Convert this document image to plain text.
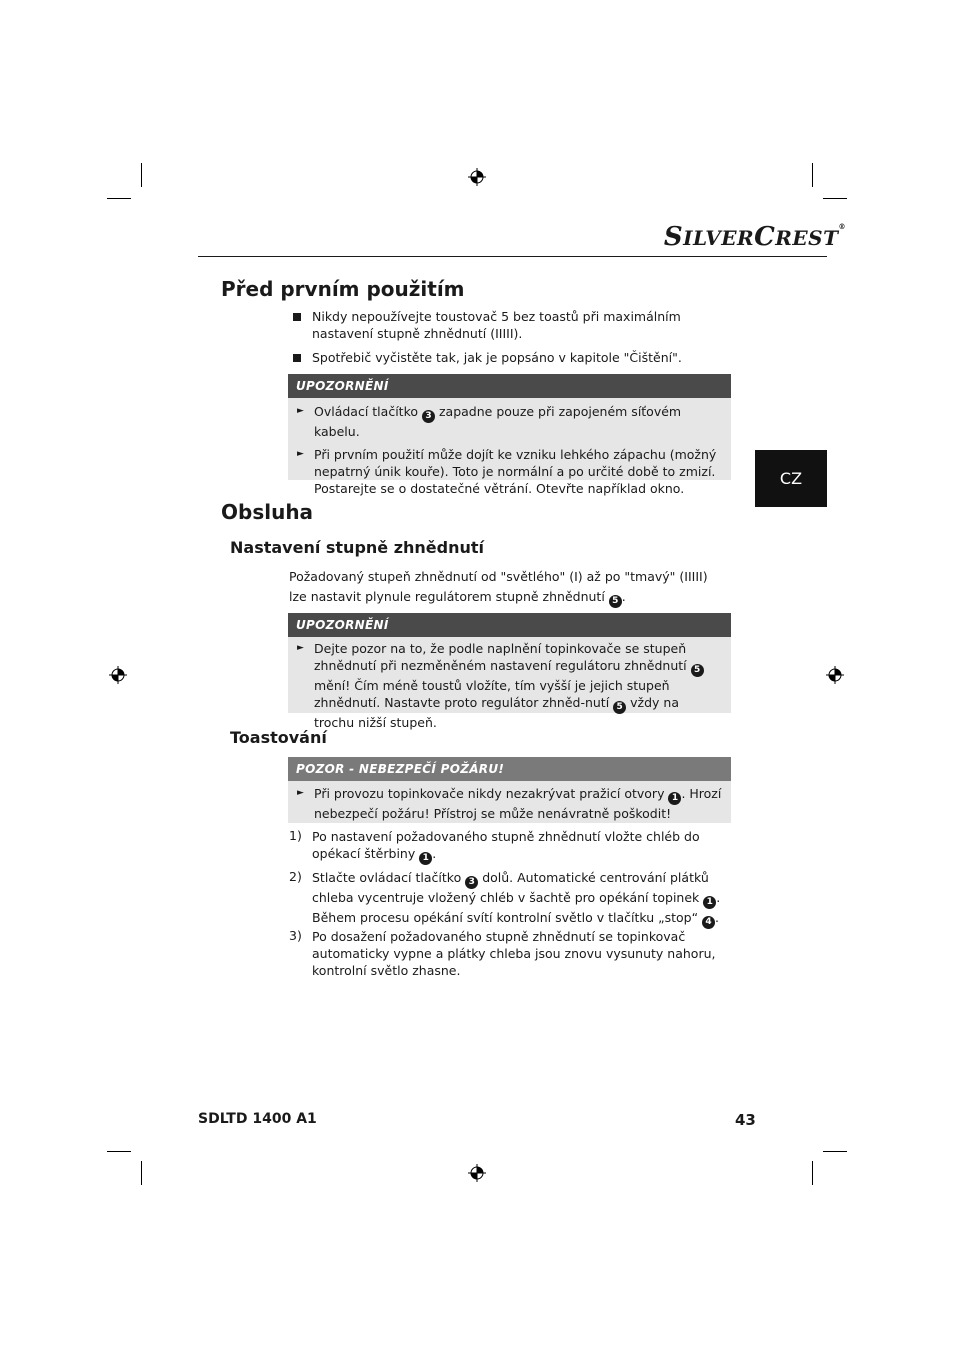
SILVERCREST®
CZ
Před prvním použitím
Nikdy nepoužívejte toustovač 5 bez toastů při maximálním nastavení stupně zhnědnutí (IIIII).
Spotřebič vyčistěte tak, jak je popsáno v kapitole "Čištění".
UPOZORNĚNÍ
► Ovládací tlačítko 3 zapadne pouze při zapojeném síťovém kabelu.
► Při prvním použití může dojít ke vzniku lehkého zápachu (možný nepatrný únik kouře). Toto je normální a po určité době to zmizí. Postarejte se o dostatečné větrání. Otevřte například okno.
Obsluha
Nastavení stupně zhnědnutí
Požadovaný stupeň zhnědnutí od "světlého" (I) až po "tmavý" (IIIII) lze nastavit plynule regulátorem stupně zhnědnutí 5 .
UPOZORNĚNÍ
► Dejte pozor na to, že podle naplnění topinkovače se stupeň zhnědnutí při nezměněném nastavení regulátoru zhnědnutí 5 mění! Čím méně toustů vložíte, tím vyšší je jejich stupeň zhnědnutí. Nastavte proto regulátor zhněd-nutí 5 vždy na trochu nižší stupeň.
Toastování
POZOR - NEBEZPEČÍ POŽÁRU!
► Při provozu topinkovače nikdy nezakrývat pražicí otvory 1 . Hrozí nebezpečí požáru! Přístroj se může nenávratně poškodit!
1) Po nastavení požadovaného stupně zhnědnutí vložte chléb do opékací štěrbiny 1 .
2) Stlačte ovládací tlačítko 3 dolů. Automatické centrování plátků chleba vycentruje vložený chléb v šachtě pro opékání topinek 1 . Během procesu opékání svítí kontrolní světlo v tlačítku „stop“ 4 .
3) Po dosažení požadovaného stupně zhnědnutí se topinkovač automaticky vypne a plátky chleba jsou znovu vysunuty nahoru, kontrolní světlo zhasne.
SDLTD 1400 A1	43
